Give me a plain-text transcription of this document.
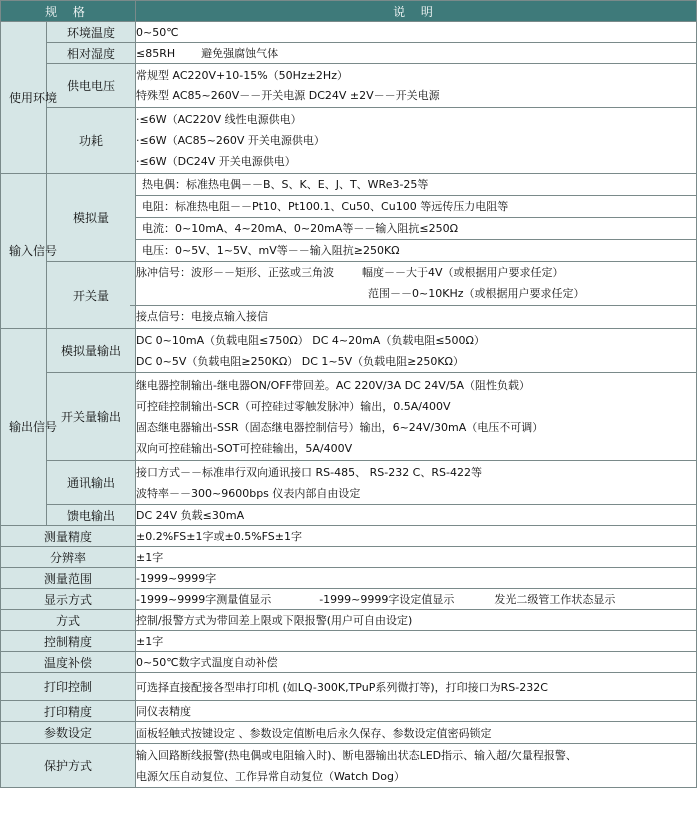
规 格		说 明
使用环境	环境温度	0~50℃
	相对湿度	≤85RH 避免强腐蚀气体
	供电电压	常规型 AC220V+10-15%（50Hz±2Hz）
特殊型 AC85~260V－－开关电源 DC24V ±2V－－开关电源

	功耗	·≤6W（AC220V 线性电源供电）
·≤6W（AC85~260V 开关电源供电）
·≤6W（DC24V 开关电源供电）

输入信号	模拟量	热电偶：标准热电偶－－B、S、K、E、J、T、WRe3-25等
电阻：标准热电阻－－Pt10、Pt100.1、Cu50、Cu100 等远传压力电阻等
电流：0~10mA、4~20mA、0~20mA等－－输入阻抗≤250Ω
电压：0~5V、1~5V、mV等－－输入阻抗≥250KΩ

	开关量	脉冲信号：波形－－矩形、正弦或三角波 幅度－－大于4V（或根据用户要求任定）
范围－－0~10KHz（或根据用户要求任定）
接点信号：电接点输入接信

输出信号	模拟量输出	DC 0~10mA（负载电阻≤750Ω） DC 4~20mA（负载电阻≤500Ω）
DC 0~5V（负载电阻≥250KΩ） DC 1~5V（负载电阻≥250KΩ）

	开关量输出	继电器控制输出-继电器ON/OFF带回差。AC 220V/3A DC 24V/5A（阻性负载）
可控硅控制输出-SCR（可控硅过零触发脉冲）输出，0.5A/400V
固态继电器输出-SSR（固态继电器控制信号）输出，6~24V/30mA（电压不可调）
双向可控硅输出-SOT可控硅输出，5A/400V

	通讯输出	接口方式－－标准串行双向通讯接口 RS-485、 RS-232 C、RS-422等
波特率－－300~9600bps 仪表内部自由设定

	馈电输出	DC 24V 负载≤30mA
测量精度		±0.2%FS±1字或±0.5%FS±1字
分辨率		±1字
测量范围		-1999~9999字
显示方式		-1999~9999字测量值显示 -1999~9999字设定值显示 发光二级管工作状态显示
方式		控制/报警方式为带回差上限或下限报警(用户可自由设定)
控制精度		±1字
温度补偿		0~50℃数字式温度自动补偿
打印控制		可选择直接配接各型串打印机 (如LQ-300K,TPuP系列微打等)，打印接口为RS-232C
打印精度		同仪表精度
参数设定		面板轻触式按键设定 、参数设定值断电后永久保存、参数设定值密码锁定
保护方式		输入回路断线报警(热电偶或电阻输入时)、断电器输出状态LED指示、输入超/欠量程报警、
电源欠压自动复位、工作异常自动复位（Watch Dog）
